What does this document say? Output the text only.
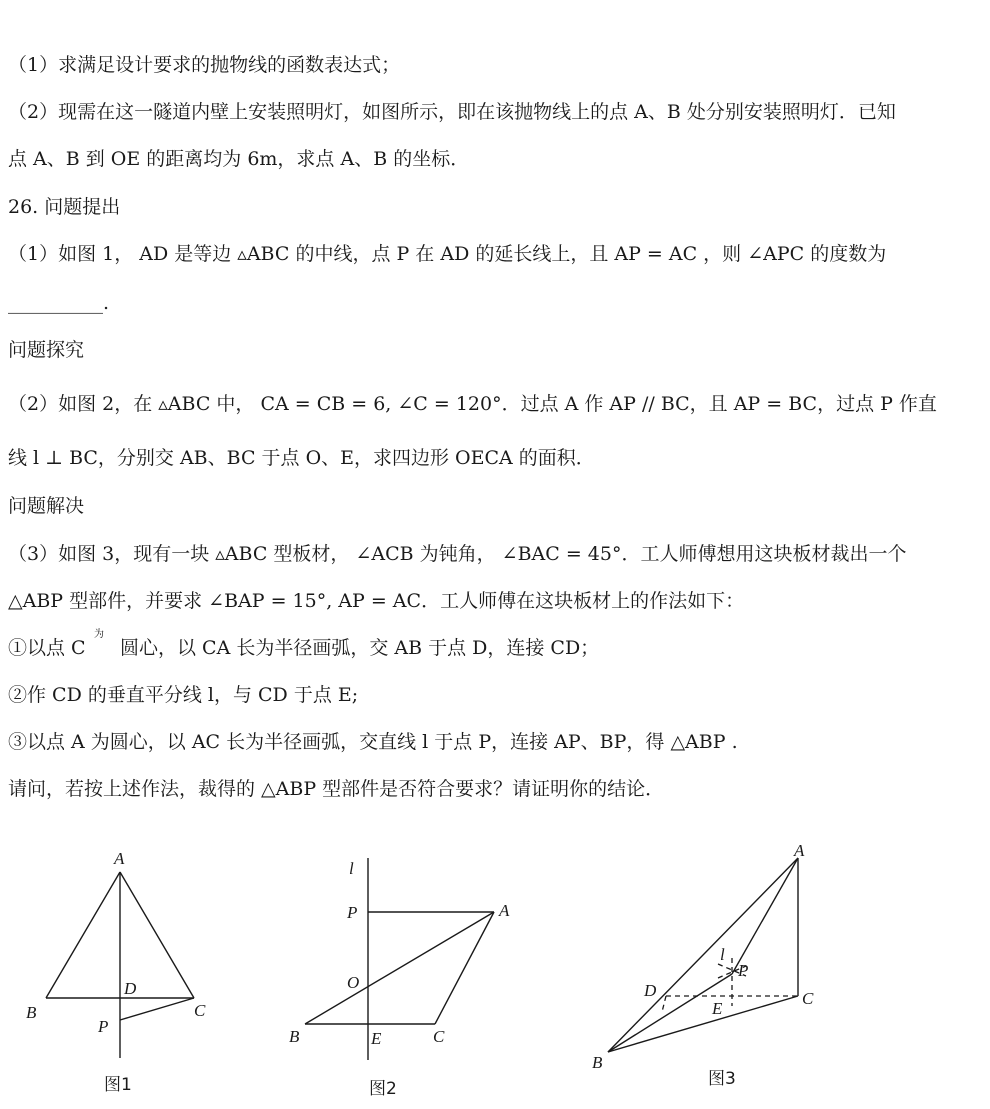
（1）求满足设计要求的抛物线的函数表达式；
（2）现需在这一隧道内壁上安装照明灯，如图所示，即在该抛物线上的点 A、B 处分别安装照明灯．已知
点 A、B 到 OE 的距离均为 6m，求点 A、B 的坐标．
26. 问题提出
（1）如图 1， AD 是等边 ▵ABC 的中线，点 P 在 AD 的延长线上，且 AP = AC ，则 ∠APC 的度数为
__________.
问题探究
（2）如图 2，在 ▵ABC 中， CA = CB = 6, ∠C = 120°．过点 A 作 AP // BC，且 AP = BC，过点 P 作直
线 l ⊥ BC，分别交 AB、BC 于点 O、E，求四边形 OECA 的面积．
问题解决
（3）如图 3，现有一块 ▵ABC 型板材， ∠ACB 为钝角， ∠BAC = 45°．工人师傅想用这块板材裁出一个
△ABP 型部件，并要求 ∠BAP = 15°, AP = AC．工人师傅在这块板材上的作法如下：
①以点 C
为
圆心，以 CA 长为半径画弧，交 AB 于点 D，连接 CD；
②作 CD 的垂直平分线 l，与 CD 于点 E;
③以点 A 为圆心，以 AC 长为半径画弧，交直线 l 于点 P，连接 AP、BP，得 △ABP .
请问，若按上述作法，裁得的 △ABP 型部件是否符合要求？请证明你的结论．
A
B	C
D
P
图1
l
P	A
O
B	E	C
图2
A
l
P
D	C
E
B
图3
